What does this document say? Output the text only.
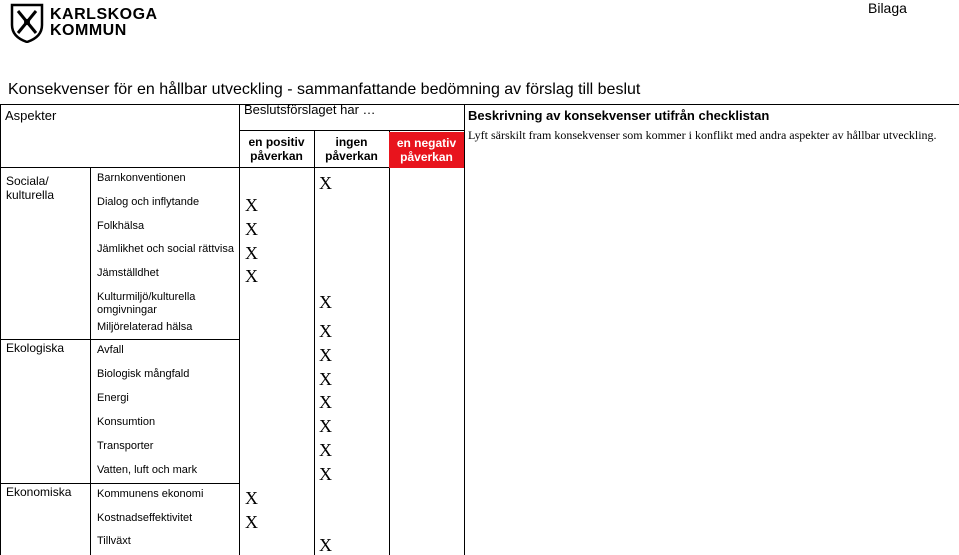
KARLSKOGA
KOMMUN
Bilaga
Konsekvenser för en hållbar utveckling - sammanfattande bedömning av förslag till beslut
Aspekter	Beslutsförslaget har …	Beskrivning av konsekvenser utifrån checklistan
Lyft särskilt fram konsekvenser som kommer i konflikt med andra aspekter av hållbar utveckling.
en positiv påverkan
ingen påverkan
en negativ påverkan
Sociala/ kulturella
Ekologiska
Ekonomiska
Barnkonventionen
Dialog och inflytande
Folkhälsa
Jämlikhet och social rättvisa
Jämställdhet
Kulturmiljö/kulturella omgivningar
Miljörelaterad hälsa
Avfall
Biologisk mångfald
Energi
Konsumtion
Transporter
Vatten, luft och mark
Kommunens ekonomi
Kostnadseffektivitet
Tillväxt
X
X
X
X
X
X
X
X
X
X
X
X
X
X
X
X
